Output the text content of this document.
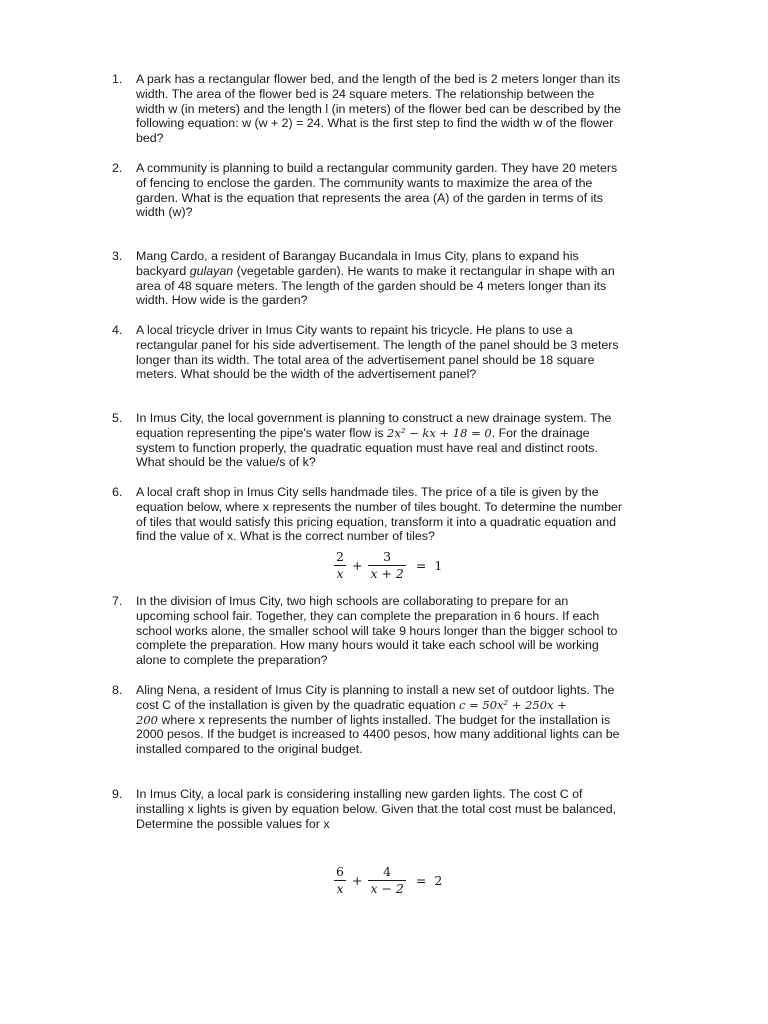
1.	A park has a rectangular flower bed, and the length of the bed is 2 meters longer than its
width. The area of the flower bed is 24 square meters. The relationship between the
width w (in meters) and the length l (in meters) of the flower bed can be described by the
following equation: w (w + 2) = 24. What is the first step to find the width w of the flower
bed?
2.	A community is planning to build a rectangular community garden. They have 20 meters
of fencing to enclose the garden. The community wants to maximize the area of the
garden. What is the equation that represents the area (A) of the garden in terms of its
width (w)?
3.	Mang Cardo, a resident of Barangay Bucandala in Imus City, plans to expand his
backyard gulayan (vegetable garden). He wants to make it rectangular in shape with an
area of 48 square meters. The length of the garden should be 4 meters longer than its
width. How wide is the garden?
4.	A local tricycle driver in Imus City wants to repaint his tricycle. He plans to use a
rectangular panel for his side advertisement. The length of the panel should be 3 meters
longer than its width. The total area of the advertisement panel should be 18 square
meters. What should be the width of the advertisement panel?
5.	In Imus City, the local government is planning to construct a new drainage system. The
equation representing the pipe's water flow is 2x² − kx + 18 = 0. For the drainage
system to function properly, the quadratic equation must have real and distinct roots.
What should be the value/s of k?
6.	A local craft shop in Imus City sells handmade tiles. The price of a tile is given by the
equation below, where x represents the number of tiles bought. To determine the number
of tiles that would satisfy this pricing equation, transform it into a quadratic equation and
find the value of x. What is the correct number of tiles?
$\frac{2}{x} + \frac{3}{x + 2} = 1$
7.	In the division of Imus City, two high schools are collaborating to prepare for an
upcoming school fair. Together, they can complete the preparation in 6 hours. If each
school works alone, the smaller school will take 9 hours longer than the bigger school to
complete the preparation. How many hours would it take each school will be working
alone to complete the preparation?
8.	Aling Nena, a resident of Imus City is planning to install a new set of outdoor lights. The
cost C of the installation is given by the quadratic equation c = 50x² + 250x +
200 where x represents the number of lights installed. The budget for the installation is
2000 pesos. If the budget is increased to 4400 pesos, how many additional lights can be
installed compared to the original budget.
9.	In Imus City, a local park is considering installing new garden lights. The cost C of
installing x lights is given by equation below. Given that the total cost must be balanced,
Determine the possible values for x
$\frac{6}{x} + \frac{4}{x - 2} = 2$
